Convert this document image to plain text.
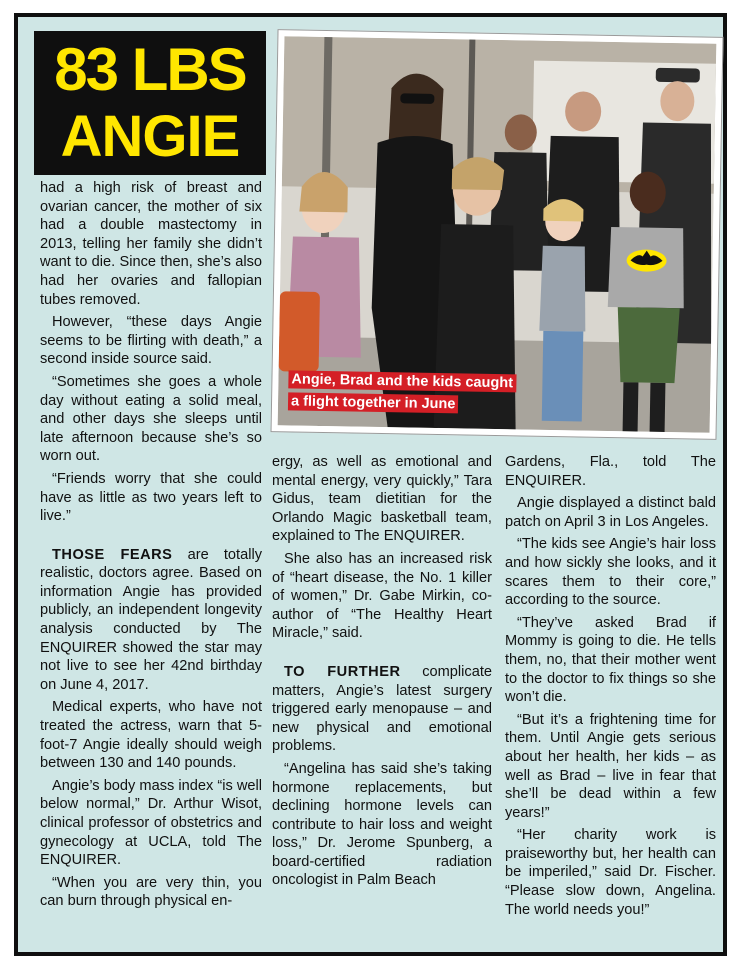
83 LBS
ANGIE
Angie, Brad and the kids caught
a flight together in June

had a high risk of breast and ovarian cancer, the mother of six had a double mastectomy in 2013, telling her family she didn’t want to die. Since then, she’s also had her ovaries and fallopian tubes removed.

However, “these days Angie seems to be flirting with death,” a second inside source said.

“Sometimes she goes a whole day without eating a solid meal, and other days she sleeps until late afternoon because she’s so worn out.

“Friends worry that she could have as little as two years left to live.”

THOSE FEARS are totally realistic, doctors agree. Based on information Angie has provided publicly, an independent longevity analysis conducted by The ENQUIRER showed the star may not live to see her 42nd birthday on June 4, 2017.

Medical experts, who have not treated the actress, warn that 5-foot-7 Angie ideally should weigh between 130 and 140 pounds.

Angie’s body mass index “is well below normal,” Dr. Arthur Wisot, clinical professor of obstetrics and gynecology at UCLA, told The ENQUIRER.

“When you are very thin, you can burn through physical en-

ergy, as well as emotional and mental energy, very quickly,” Tara Gidus, team dietitian for the Orlando Magic basketball team, explained to The ENQUIRER.

She also has an increased risk of “heart disease, the No. 1 killer of women,” Dr. Gabe Mirkin, co-author of “The Healthy Heart Miracle,” said.

TO FURTHER complicate matters, Angie’s latest surgery triggered early menopause – and new physical and emotional problems.

“Angelina has said she’s taking hormone replacements, but declining hormone levels can contribute to hair loss and weight loss,” Dr. Jerome Spunberg, a board-certified radiation oncologist in Palm Beach

Gardens, Fla., told The ENQUIRER.

Angie displayed a distinct bald patch on April 3 in Los Angeles.

“The kids see Angie’s hair loss and how sickly she looks, and it scares them to their core,” according to the source.

“They’ve asked Brad if Mommy is going to die. He tells them, no, that their mother went to the doctor to fix things so she won’t die.

“But it’s a frightening time for them. Until Angie gets serious about her health, her kids – as well as Brad – live in fear that she’ll be dead within a few years!”

“Her charity work is praiseworthy but, her health can be imperiled,” said Dr. Fischer. “Please slow down, Angelina. The world needs you!”
